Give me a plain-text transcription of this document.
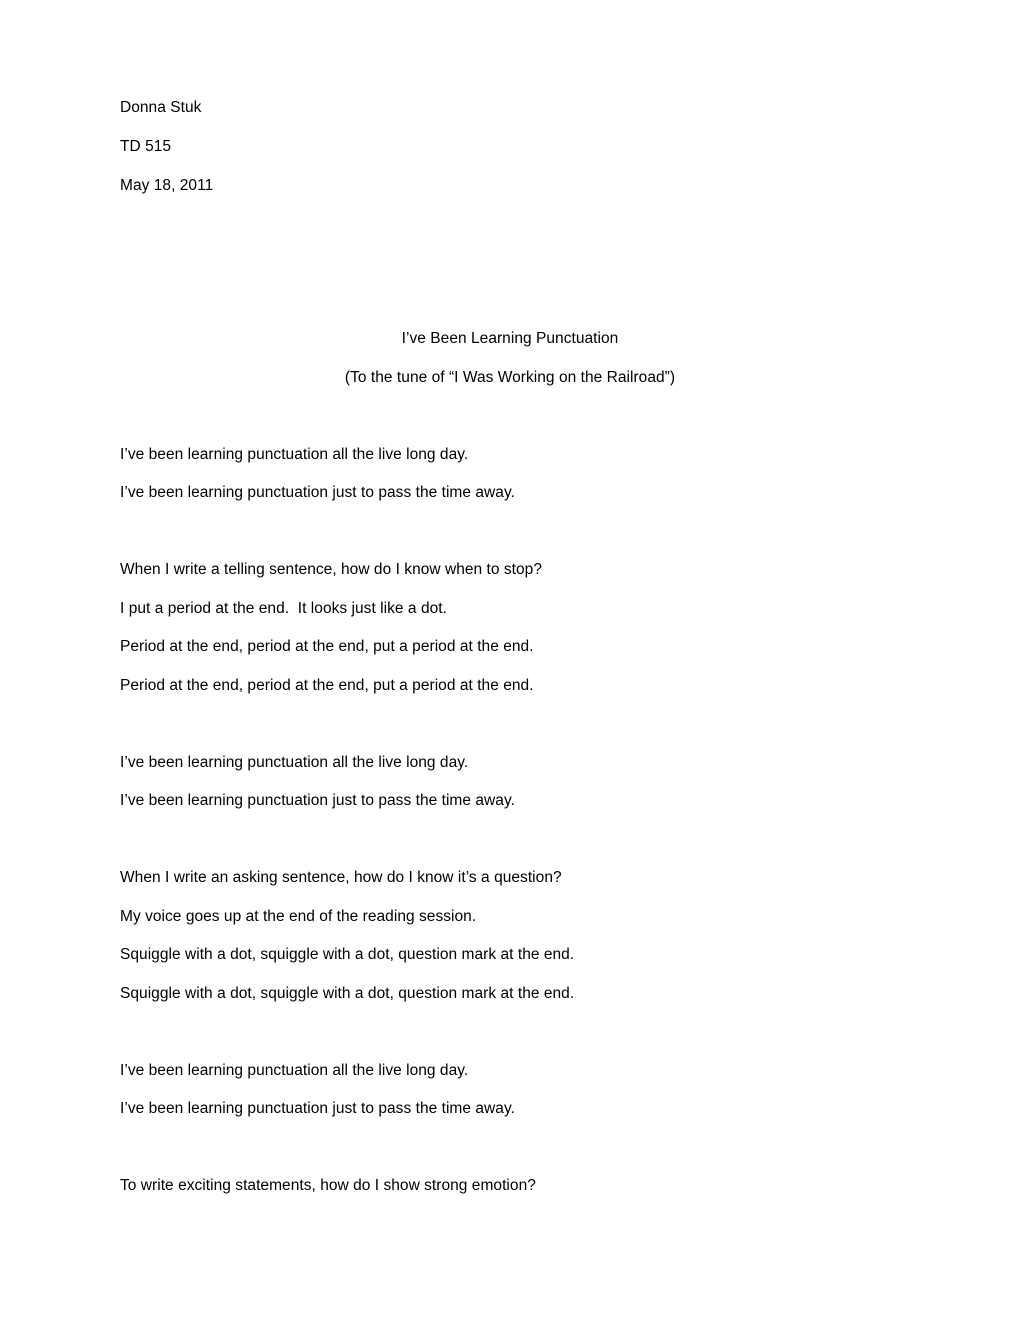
Donna Stuk
TD 515
May 18, 2011
I’ve Been Learning Punctuation
(To the tune of “I Was Working on the Railroad”)
I’ve been learning punctuation all the live long day.
I’ve been learning punctuation just to pass the time away.
When I write a telling sentence, how do I know when to stop?
I put a period at the end.  It looks just like a dot.
Period at the end, period at the end, put a period at the end.
Period at the end, period at the end, put a period at the end.
I’ve been learning punctuation all the live long day.
I’ve been learning punctuation just to pass the time away.
When I write an asking sentence, how do I know it’s a question?
My voice goes up at the end of the reading session.
Squiggle with a dot, squiggle with a dot, question mark at the end.
Squiggle with a dot, squiggle with a dot, question mark at the end.
I’ve been learning punctuation all the live long day.
I’ve been learning punctuation just to pass the time away.
To write exciting statements, how do I show strong emotion?
